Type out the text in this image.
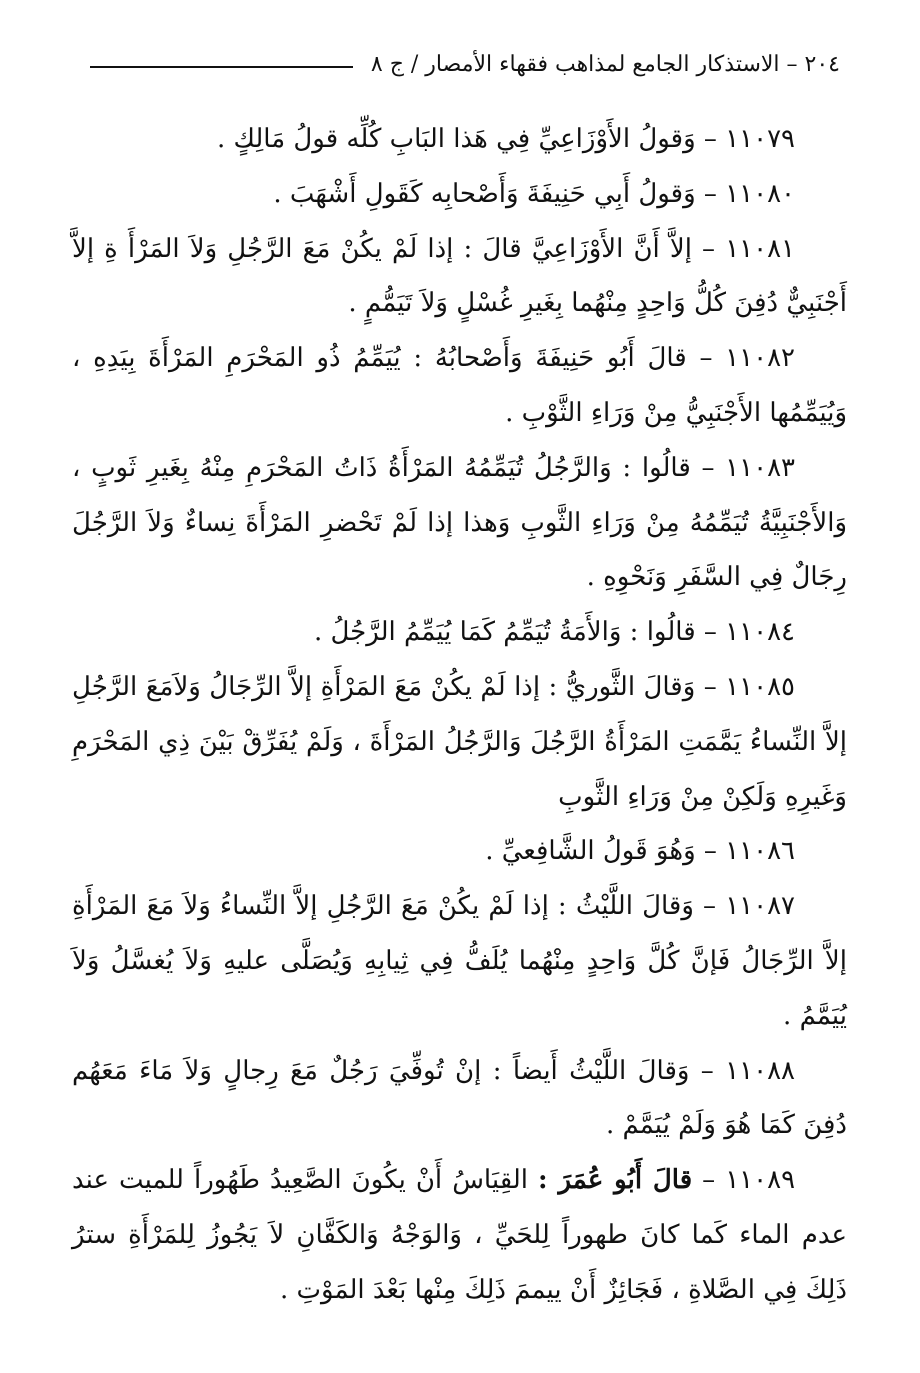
٢٠٤ – الاستذكار الجامع لمذاهب فقهاء الأمصار / ج ٨

١١٠٧٩ – وَقولُ الأَوْزَاعِيِّ فِي هَذا البَابِ كُلِّه قولُ مَالِكٍ .

١١٠٨٠ – وَقولُ أَبِي حَنِيفَةَ وَأَصْحابِه كَقَولِ أَشْهَبَ .

١١٠٨١ – إلاَّ أَنَّ الأَوْزَاعِيَّ قالَ : إذا لَمْ يكُنْ مَعَ الرَّجُلِ وَلاَ المَرْأَ ةِ إلاَّ أَجْنَبِيٌّ دُفِنَ كُلُّ وَاحِدٍ مِنْهُما بِغَيرِ غُسْلٍ وَلاَ تَيَمُّمٍ .

١١٠٨٢ – قالَ أَبُو حَنِيفَةَ وَأَصْحابُهُ : يُيَمِّمُ ذُو المَحْرَمِ المَرْأَةَ بِيَدِهِ ، وَيُيَمِّمُها الأَجْنَبِيُّ مِنْ وَرَاءِ الثَّوْبِ .

١١٠٨٣ – قالُوا : وَالرَّجُلُ تُيَمِّمُهُ المَرْأَةُ ذَاتُ المَحْرَمِ مِنْهُ بِغَيرِ ثَوبٍ ، وَالأَجْنَبِيَّةُ تُيَمِّمُهُ مِنْ وَرَاءِ الثَّوبِ وَهذا إذا لَمْ تَحْضرِ المَرْأَةَ نِساءٌ وَلاَ الرَّجُلَ رِجَالٌ فِي السَّفَرِ وَنَحْوِهِ .

١١٠٨٤ – قالُوا : وَالأَمَةُ تُيَمِّمُ كَمَا يُيَمِّمُ الرَّجُلُ .

١١٠٨٥ – وَقالَ الثَّوريُّ : إذا لَمْ يكُنْ مَعَ المَرْأَةِ إلاَّ الرِّجَالُ وَلاَمَعَ الرَّجُلِ إلاَّ النِّساءُ يَمَّمَتِ المَرْأَةُ الرَّجُلَ وَالرَّجُلُ المَرْأَةَ ، وَلَمْ يُفَرِّقْ بَيْنَ ذِي المَحْرَمِ وَغَيرِهِ وَلَكِنْ مِنْ وَرَاءِ الثَّوبِ

١١٠٨٦ – وَهُوَ قَولُ الشَّافِعيِّ .

١١٠٨٧ – وَقالَ اللَّيْثُ : إذا لَمْ يكُنْ مَعَ الرَّجُلِ إلاَّ النِّساءُ وَلاَ مَعَ المَرْأَةِ إلاَّ الرِّجَالُ فَإنَّ كُلَّ وَاحِدٍ مِنْهُما يُلَفُّ فِي ثِيابِهِ وَيُصَلَّى عليهِ وَلاَ يُغسَّلُ وَلاَ يُيَمَّمُ .

١١٠٨٨ – وَقالَ اللَّيْثُ أَيضاً : إنْ تُوفِّيَ رَجُلٌ مَعَ رِجالٍ وَلاَ مَاءَ مَعَهُم دُفِنَ كَمَا هُوَ وَلَمْ يُيَمَّمْ .

١١٠٨٩ – قالَ أَبُو عُمَرَ : القِيَاسُ أَنْ يكُونَ الصَّعِيدُ طَهُوراً للميت عند عدم الماء كَما كانَ طهوراً لِلحَيِّ ، وَالوَجْهُ وَالكَفَّانِ لاَ يَجُوزُ لِلمَرْأَةِ سترُ ذَلِكَ فِي الصَّلاةِ ، فَجَائِزٌ أَنْ ييممَ ذَلِكَ مِنْها بَعْدَ المَوْتِ .
